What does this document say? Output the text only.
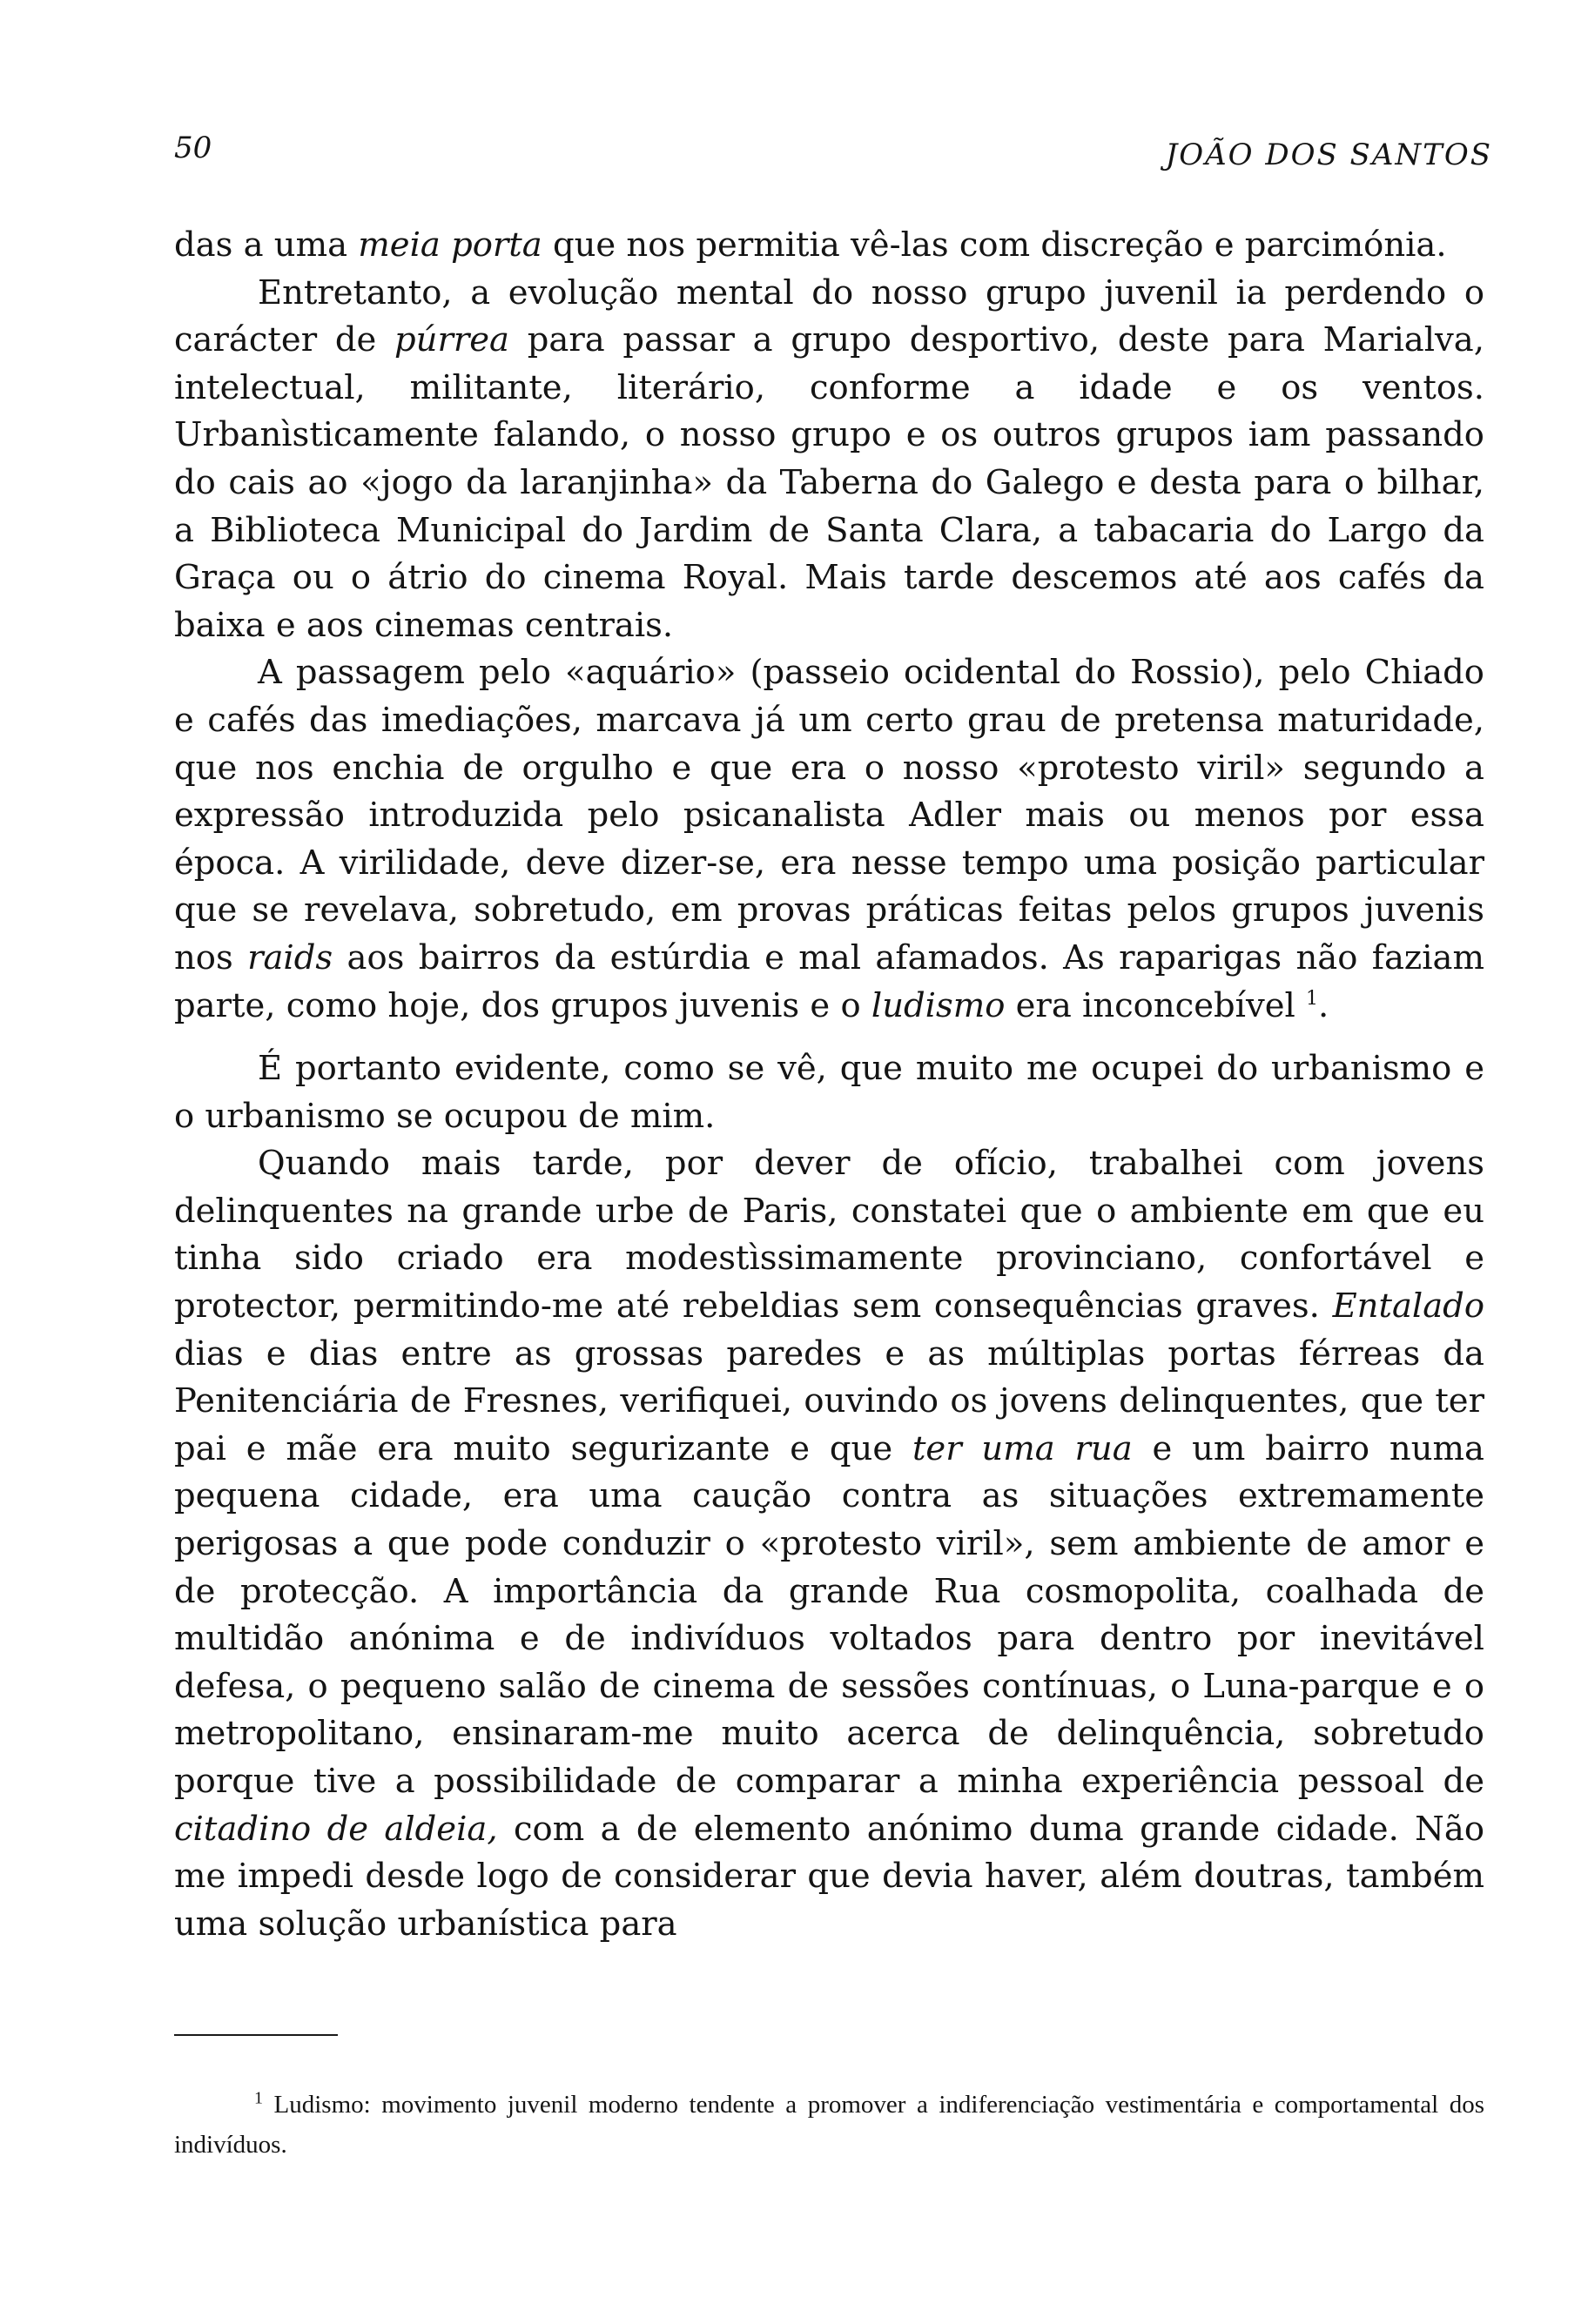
50	JOÃO DOS SANTOS

das a uma meia porta que nos permitia vê-las com discreção e parcimónia.

Entretanto, a evolução mental do nosso grupo juvenil ia perdendo o carácter de púrrea para passar a grupo desportivo, deste para Marialva, intelectual, militante, literário, conforme a idade e os ventos. Urbanìsticamente falando, o nosso grupo e os outros grupos iam passando do cais ao «jogo da laranjinha» da Taberna do Galego e desta para o bilhar, a Biblioteca Municipal do Jardim de Santa Clara, a tabacaria do Largo da Graça ou o átrio do cinema Royal. Mais tarde descemos até aos cafés da baixa e aos cinemas centrais.

A passagem pelo «aquário» (passeio ocidental do Rossio), pelo Chiado e cafés das imediações, marcava já um certo grau de pretensa maturidade, que nos enchia de orgulho e que era o nosso «protesto viril» segundo a expressão introduzida pelo psicanalista Adler mais ou menos por essa época. A virilidade, deve dizer-se, era nesse tempo uma posição particular que se revelava, sobretudo, em provas práticas feitas pelos grupos juvenis nos raids aos bairros da estúrdia e mal afamados. As raparigas não faziam parte, como hoje, dos grupos juvenis e o ludismo era inconcebível $^1$.

É portanto evidente, como se vê, que muito me ocupei do urbanismo e o urbanismo se ocupou de mim.

Quando mais tarde, por dever de ofício, trabalhei com jovens delinquentes na grande urbe de Paris, constatei que o ambiente em que eu tinha sido criado era modestìssimamente provinciano, confortável e protector, permitindo-me até rebeldias sem consequências graves. Entalado dias e dias entre as grossas paredes e as múltiplas portas férreas da Penitenciária de Fresnes, verifiquei, ouvindo os jovens delinquentes, que ter pai e mãe era muito segurizante e que ter uma rua e um bairro numa pequena cidade, era uma caução contra as situações extremamente perigosas a que pode conduzir o «protesto viril», sem ambiente de amor e de protecção. A importância da grande Rua cosmopolita, coalhada de multidão anónima e de indivíduos voltados para dentro por inevitável defesa, o pequeno salão de cinema de sessões contínuas, o Luna-parque e o metropolitano, ensinaram-me muito acerca de delinquência, sobretudo porque tive a possibilidade de comparar a minha experiência pessoal de citadino de aldeia, com a de elemento anónimo duma grande cidade. Não me impedi desde logo de considerar que devia haver, além doutras, também uma solução urbanística para

$^1$ Ludismo: movimento juvenil moderno tendente a promover a indiferenciação vestimentária e comportamental dos indivíduos.
